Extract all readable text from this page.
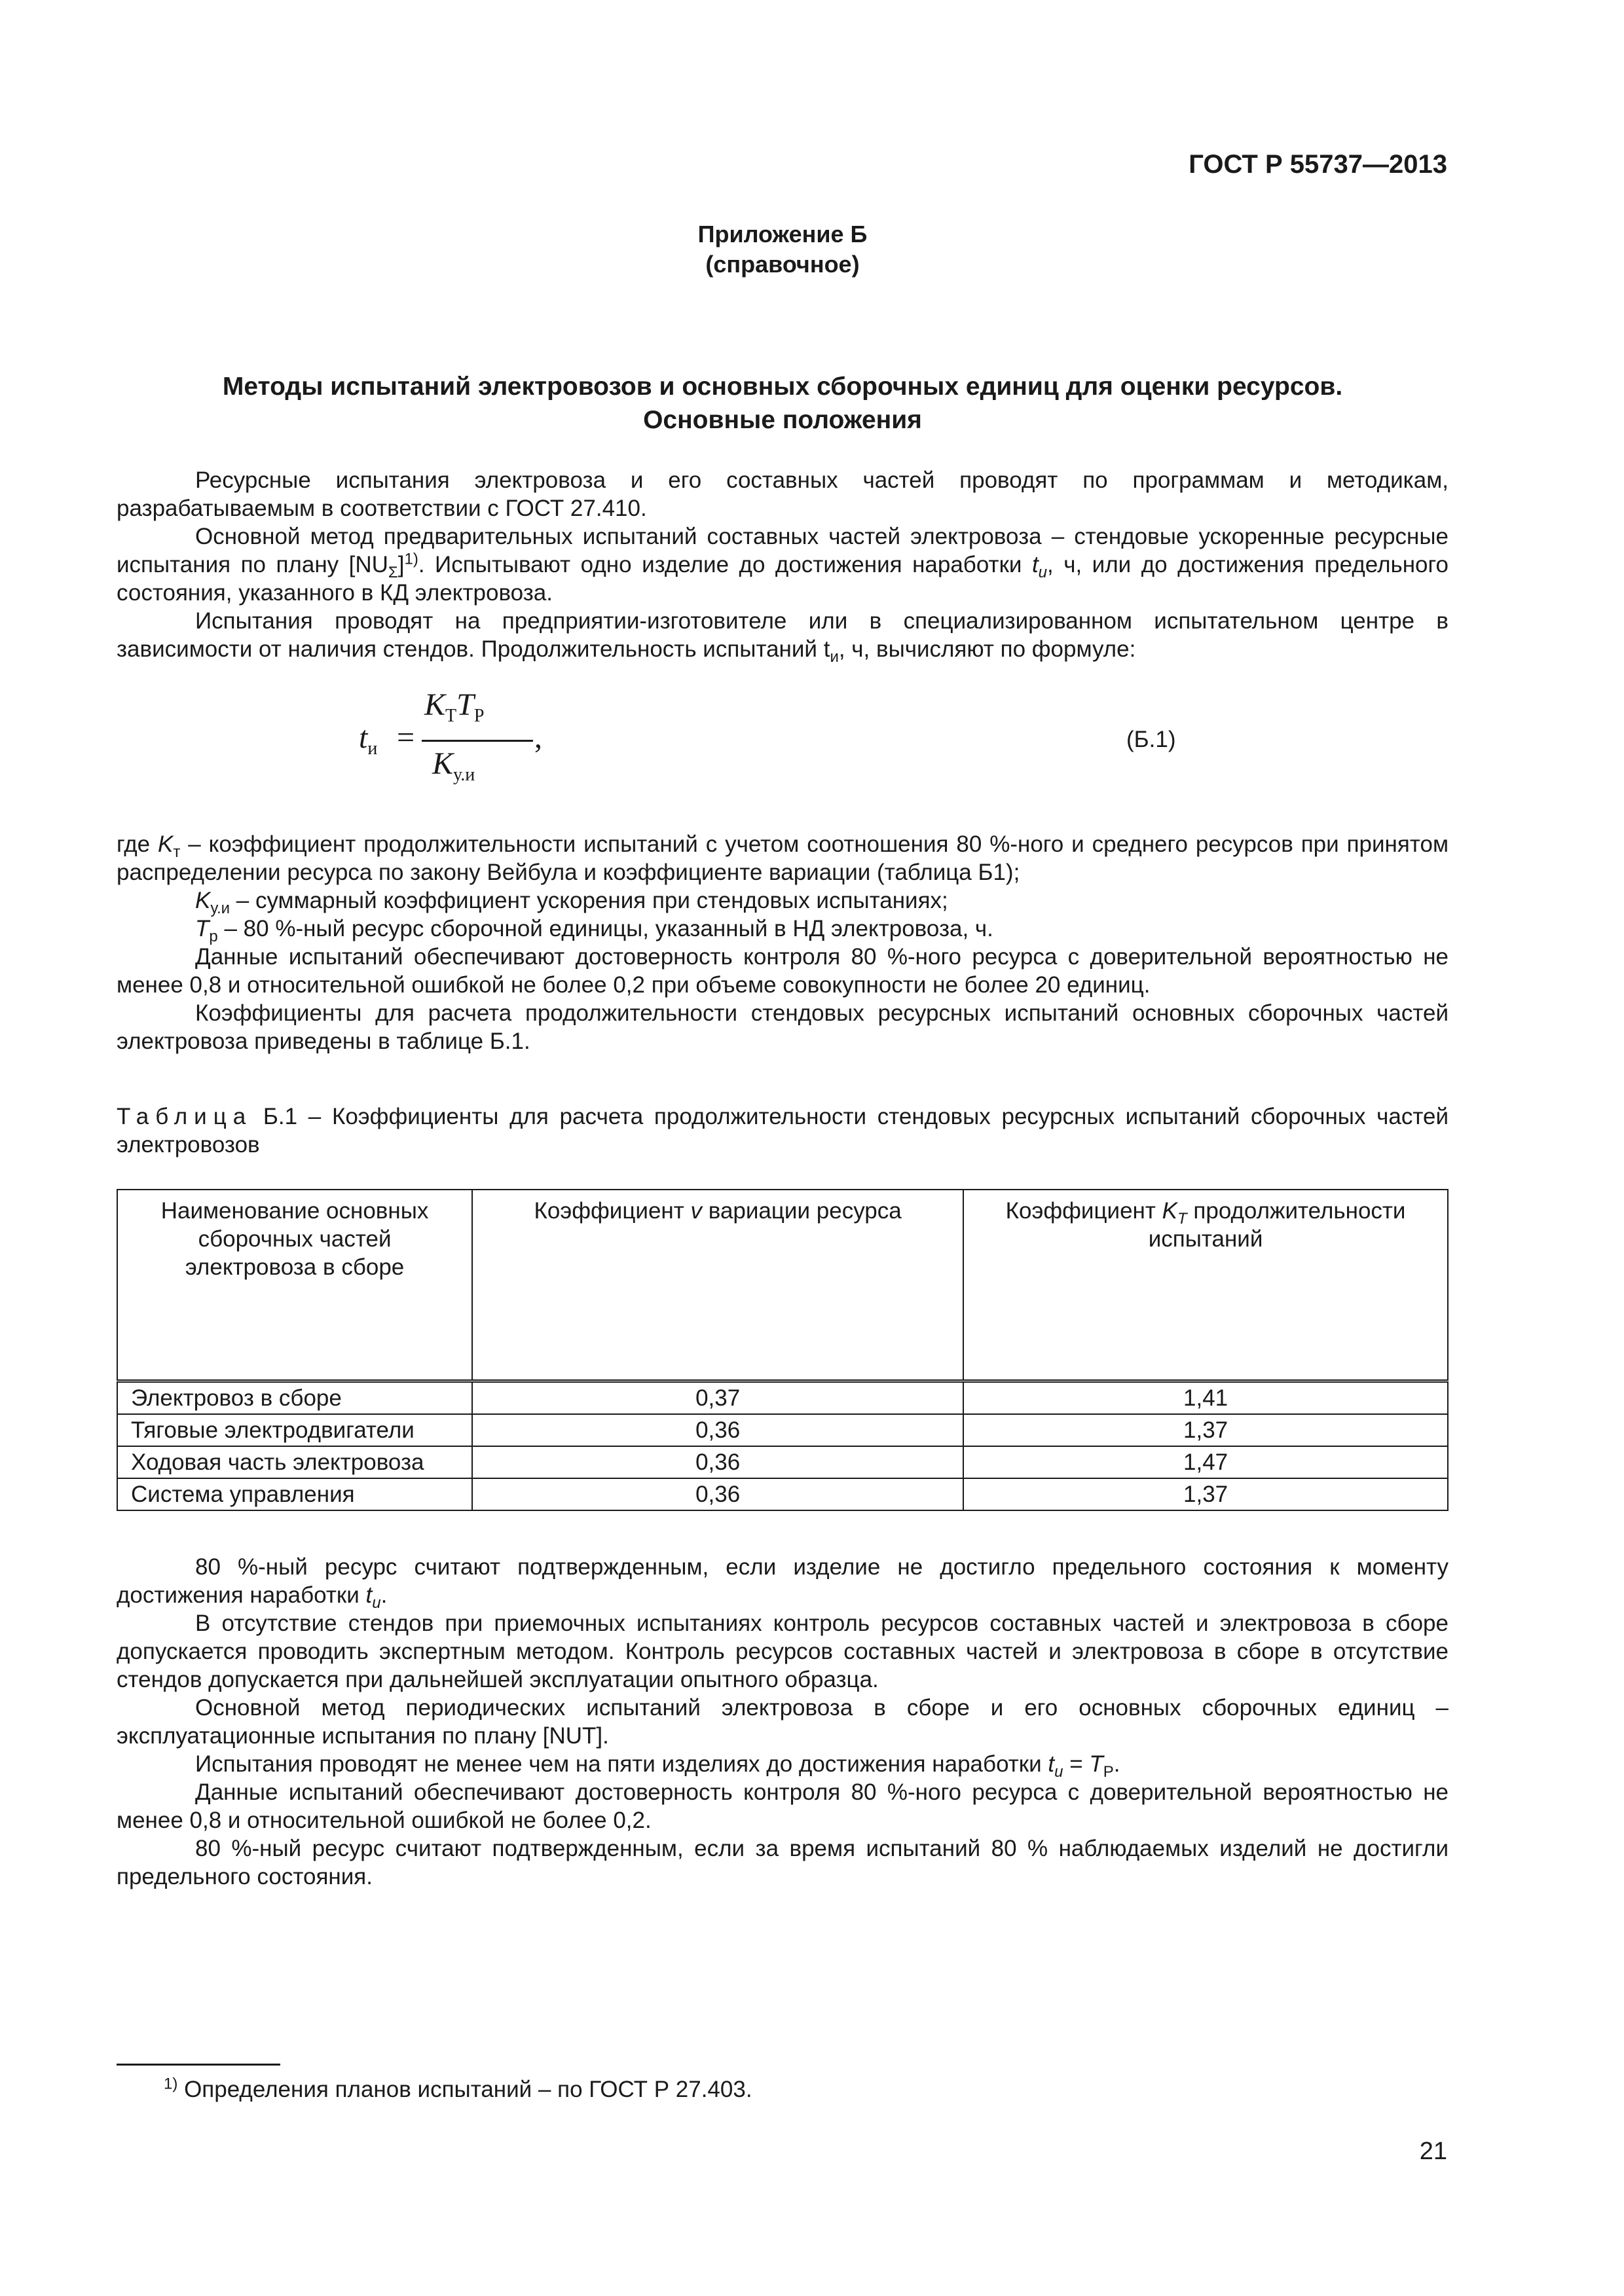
ГОСТ Р 55737—2013
Приложение Б
(справочное)
Методы испытаний электровозов и основных сборочных единиц для оценки ресурсов.
Основные положения

Ресурсные испытания электровоза и его составных частей проводят по программам и методикам, разрабатываемым в соответствии с ГОСТ 27.410.

Основной метод предварительных испытаний составных частей электровоза – стендовые ускоренные ресурсные испытания по плану $[NU_\Sigma]^{1)}$. Испытывают одно изделие до достижения наработки $t_и$, ч, или до достижения предельного состояния, указанного в КД электровоза.

Испытания проводят на предприятии-изготовителе или в специализированном испытательном центре в зависимости от наличия стендов. Продолжительность испытаний $t_и$, ч, вычисляют по формуле:

$t_и$ =
$K_ТT_Р$
$K_{у.и}$
,	(Б.1)

где $K_т$ – коэффициент продолжительности испытаний с учетом соотношения 80 %-ного и среднего ресурсов при принятом распределении ресурса по закону Вейбула и коэффициенте вариации (таблица Б1);

$K_{у.и}$ – суммарный коэффициент ускорения при стендовых испытаниях;

$T_р - 80$ %-ный ресурс сборочной единицы, указанный в НД электровоза, ч.

Данные испытаний обеспечивают достоверность контроля 80 %-ного ресурса с доверительной вероятностью не менее 0,8 и относительной ошибкой не более 0,2 при объеме совокупности не более 20 единиц.

Коэффициенты для расчета продолжительности стендовых ресурсных испытаний основных сборочных частей электровоза приведены в таблице Б.1.

Таблица Б.1 – Коэффициенты для расчета продолжительности стендовых ресурсных испытаний сборочных частей электровозов
Наименование основных сборочных частей электровоза в сборе	Коэффициент v вариации ресурса	Коэффициент $K_T$ продолжительности испытаний
Электровоз в сборе	0,37	1,41
Тяговые электродвигатели	0,36	1,37
Ходовая часть электровоза	0,36	1,47
Система управления	0,36	1,37

80 %-ный ресурс считают подтвержденным, если изделие не достигло предельного состояния к моменту достижения наработки $t_и$.

В отсутствие стендов при приемочных испытаниях контроль ресурсов составных частей и электровоза в сборе допускается проводить экспертным методом. Контроль ресурсов составных частей и электровоза в сборе в отсутствие стендов допускается при дальнейшей эксплуатации опытного образца.

Основной метод периодических испытаний электровоза в сборе и его основных сборочных единиц – эксплуатационные испытания по плану [NUT].

Испытания проводят не менее чем на пяти изделиях до достижения наработки $t_и = T_P$.

Данные испытаний обеспечивают достоверность контроля 80 %-ного ресурса с доверительной вероятностью не менее 0,8 и относительной ошибкой не более 0,2.

80 %-ный ресурс считают подтвержденным, если за время испытаний 80 % наблюдаемых изделий не достигли предельного состояния.

$^{1)}$ Определения планов испытаний – по ГОСТ Р 27.403.
21
